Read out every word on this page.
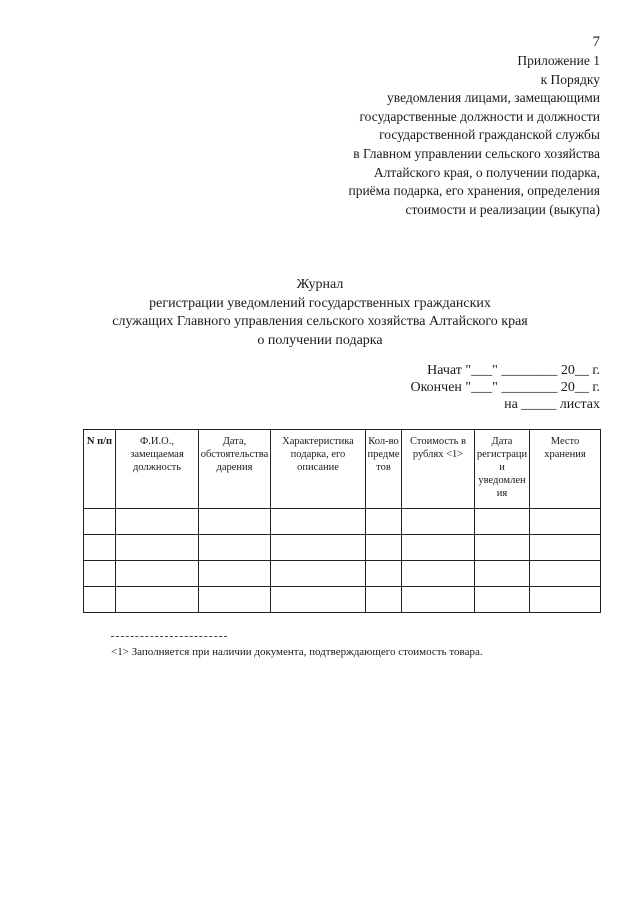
7
Приложение 1
к Порядку
уведомления лицами, замещающими
государственные должности и должности
государственной гражданской службы
в Главном управлении сельского хозяйства
Алтайского края, о получении подарка,
приёма подарка, его хранения, определения
стоимости и реализации (выкупа)
Журнал
регистрации уведомлений государственных гражданских
служащих Главного управления сельского хозяйства Алтайского края
о получении подарка
Начат "___" ________ 20__ г.
Окончен "___" ________ 20__ г.
на _____ листах
N п/п	Ф.И.О., замещаемая должность	Дата, обстоятельства дарения	Характеристика подарка, его описание	Кол-во предметов	Стоимость в рублях <1>	Дата регистрации уведомления	Место хранения

<1> Заполняется при наличии документа, подтверждающего стоимость товара.
